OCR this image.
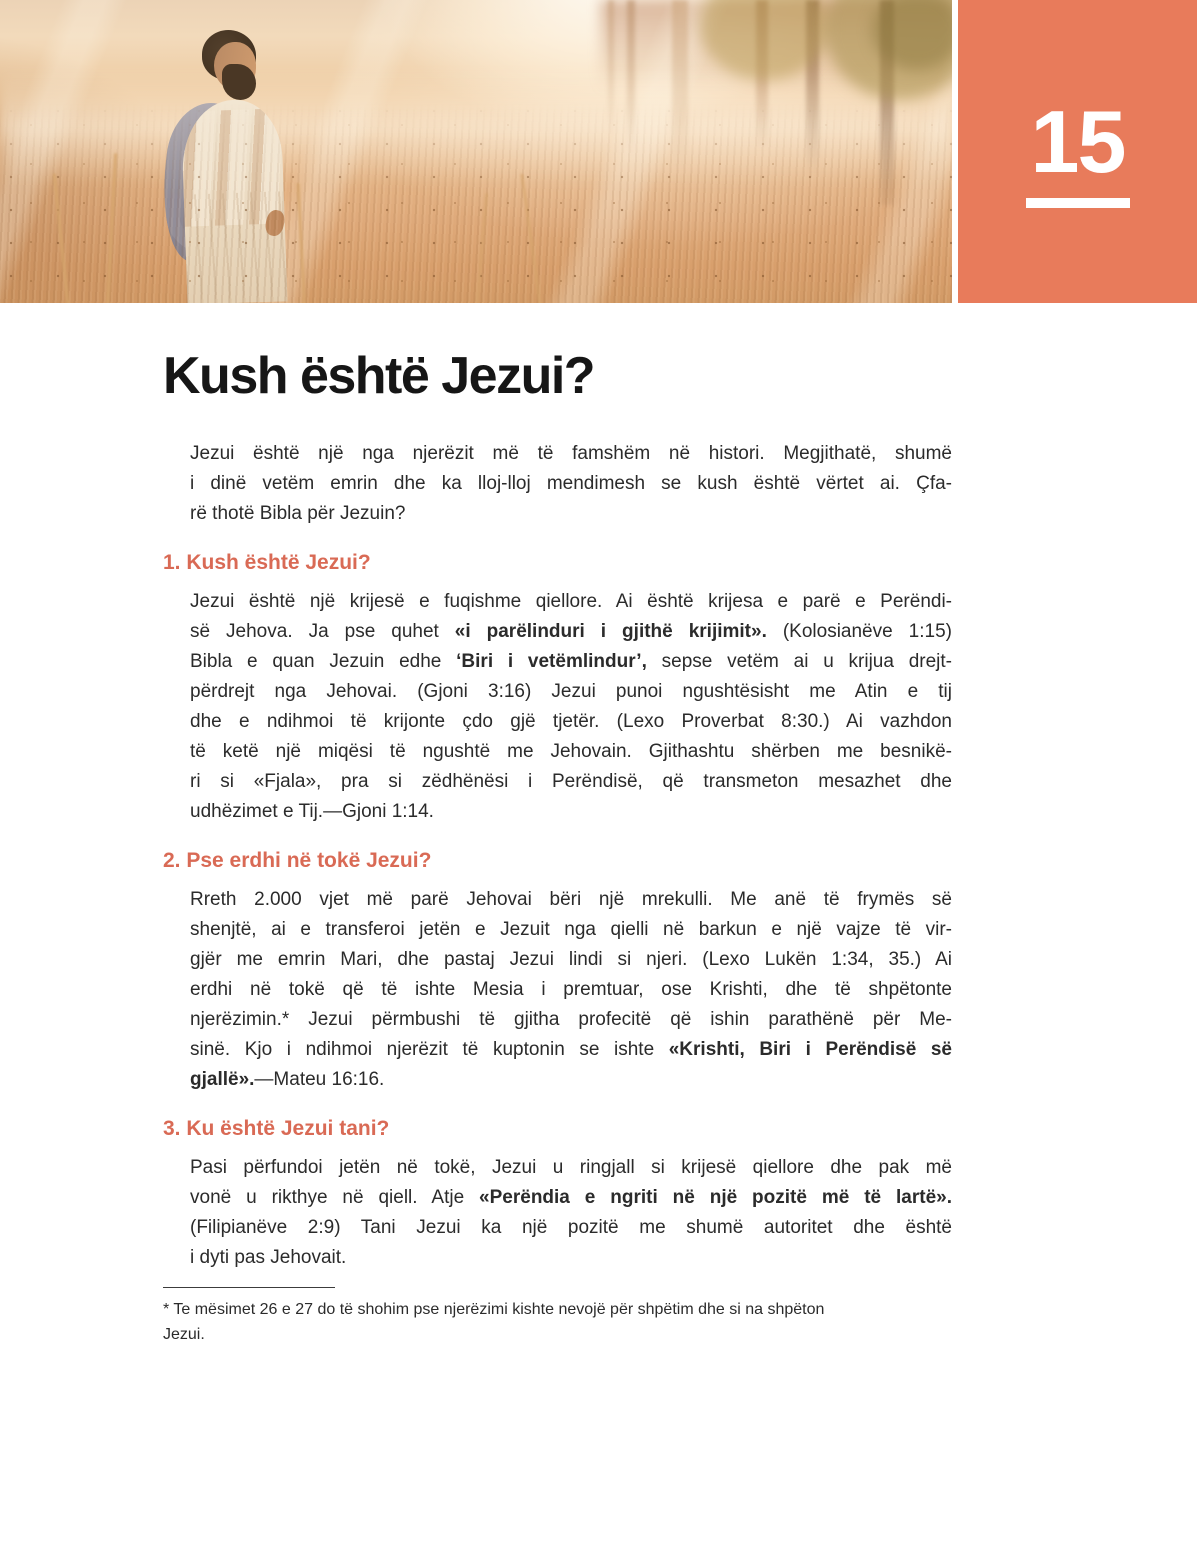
15
Kush është Jezui?
Jezui është një nga njerëzit më të famshëm në histori. Megjithatë, shumë
i dinë vetëm emrin dhe ka lloj-lloj mendimesh se kush është vërtet ai. Çfa-
rë thotë Bibla për Jezuin?
1. Kush është Jezui?
Jezui është një krijesë e fuqishme qiellore. Ai është krijesa e parë e Perëndi-
së Jehova. Ja pse quhet «i parëlinduri i gjithë krijimit». (Kolosianëve 1:15)
Bibla e quan Jezuin edhe ‘Biri i vetëmlindur’, sepse vetëm ai u krijua drejt-
përdrejt nga Jehovai. (Gjoni 3:16) Jezui punoi ngushtësisht me Atin e tij
dhe e ndihmoi të krijonte çdo gjë tjetër. (Lexo Proverbat 8:30.) Ai vazhdon
të ketë një miqësi të ngushtë me Jehovain. Gjithashtu shërben me besnikë-
ri si «Fjala», pra si zëdhënësi i Perëndisë, që transmeton mesazhet dhe
udhëzimet e Tij.—Gjoni 1:14.
2. Pse erdhi në tokë Jezui?
Rreth 2.000 vjet më parë Jehovai bëri një mrekulli. Me anë të frymës së
shenjtë, ai e transferoi jetën e Jezuit nga qielli në barkun e një vajze të vir-
gjër me emrin Mari, dhe pastaj Jezui lindi si njeri. (Lexo Lukën 1:34, 35.) Ai
erdhi në tokë që të ishte Mesia i premtuar, ose Krishti, dhe të shpëtonte
njerëzimin.* Jezui përmbushi të gjitha profecitë që ishin parathënë për Me-
sinë. Kjo i ndihmoi njerëzit të kuptonin se ishte «Krishti, Biri i Perëndisë së
gjallë».—Mateu 16:16.
3. Ku është Jezui tani?
Pasi përfundoi jetën në tokë, Jezui u ringjall si krijesë qiellore dhe pak më
vonë u rikthye në qiell. Atje «Perëndia e ngriti në një pozitë më të lartë».
(Filipianëve 2:9) Tani Jezui ka një pozitë me shumë autoritet dhe është
i dyti pas Jehovait.
* Te mësimet 26 e 27 do të shohim pse njerëzimi kishte nevojë për shpëtim dhe si na shpëton
Jezui.
